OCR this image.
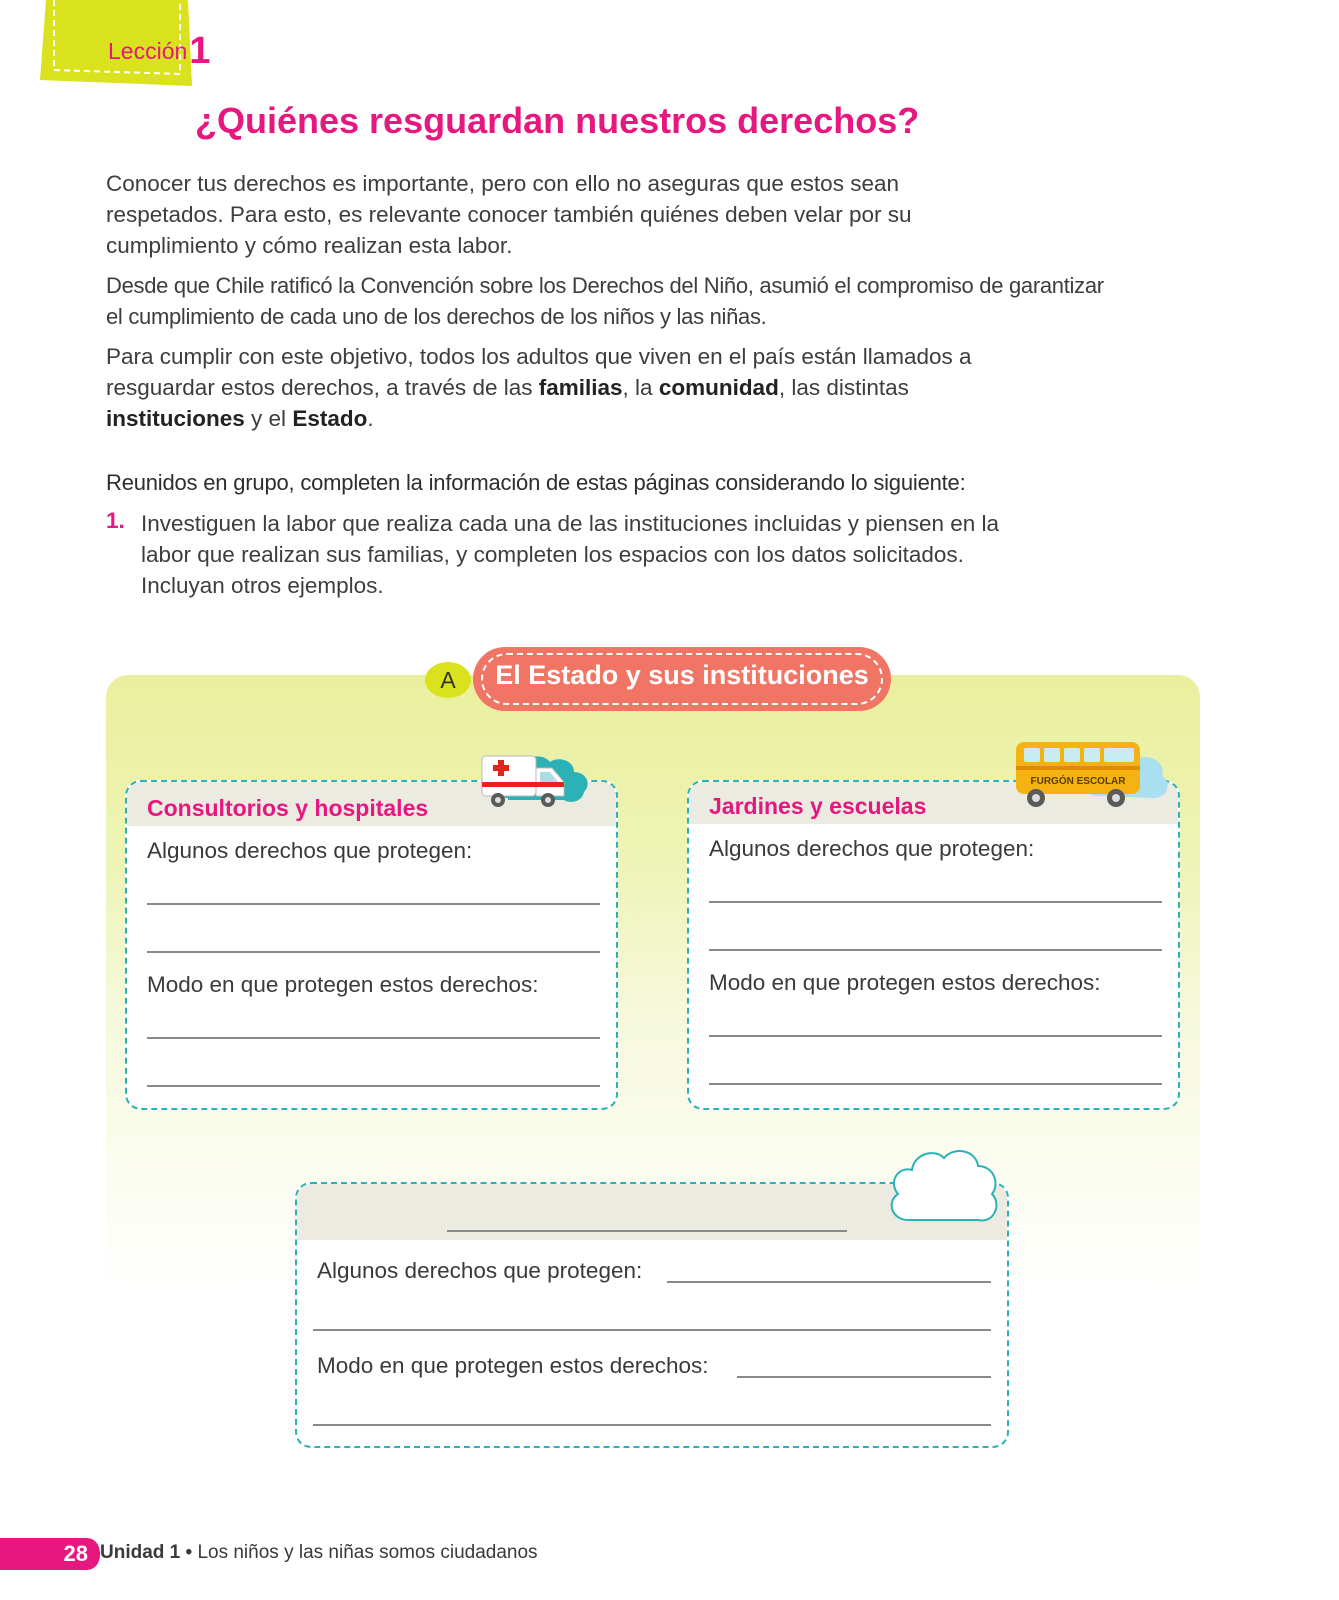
Lección1
¿Quiénes resguardan nuestros derechos?

Conocer tus derechos es importante, pero con ello no aseguras que estos sean respetados. Para esto, es relevante conocer también quiénes deben velar por su cumplimiento y cómo realizan esta labor.

Desde que Chile ratificó la Convención sobre los Derechos del Niño, asumió el compromiso de garantizar el cumplimiento de cada uno de los derechos de los niños y las niñas.

Para cumplir con este objetivo, todos los adultos que viven en el país están llamados a resguardar estos derechos, a través de las familias, la comunidad, las distintas instituciones y el Estado.

Reunidos en grupo, completen la información de estas páginas considerando lo siguiente:

1. Investiguen la labor que realiza cada una de las instituciones incluidas y piensen en la labor que realizan sus familias, y completen los espacios con los datos solicitados. Incluyan otros ejemplos.

A	El Estado y sus instituciones
Consultorios y hospitales
Algunos derechos que protegen:
Modo en que protegen estos derechos:
Jardines y escuelas
Algunos derechos que protegen:
Modo en que protegen estos derechos:
FURGÓN ESCOLAR
Algunos derechos que protegen:
Modo en que protegen estos derechos:
28 Unidad 1 • Los niños y las niñas somos ciudadanos
